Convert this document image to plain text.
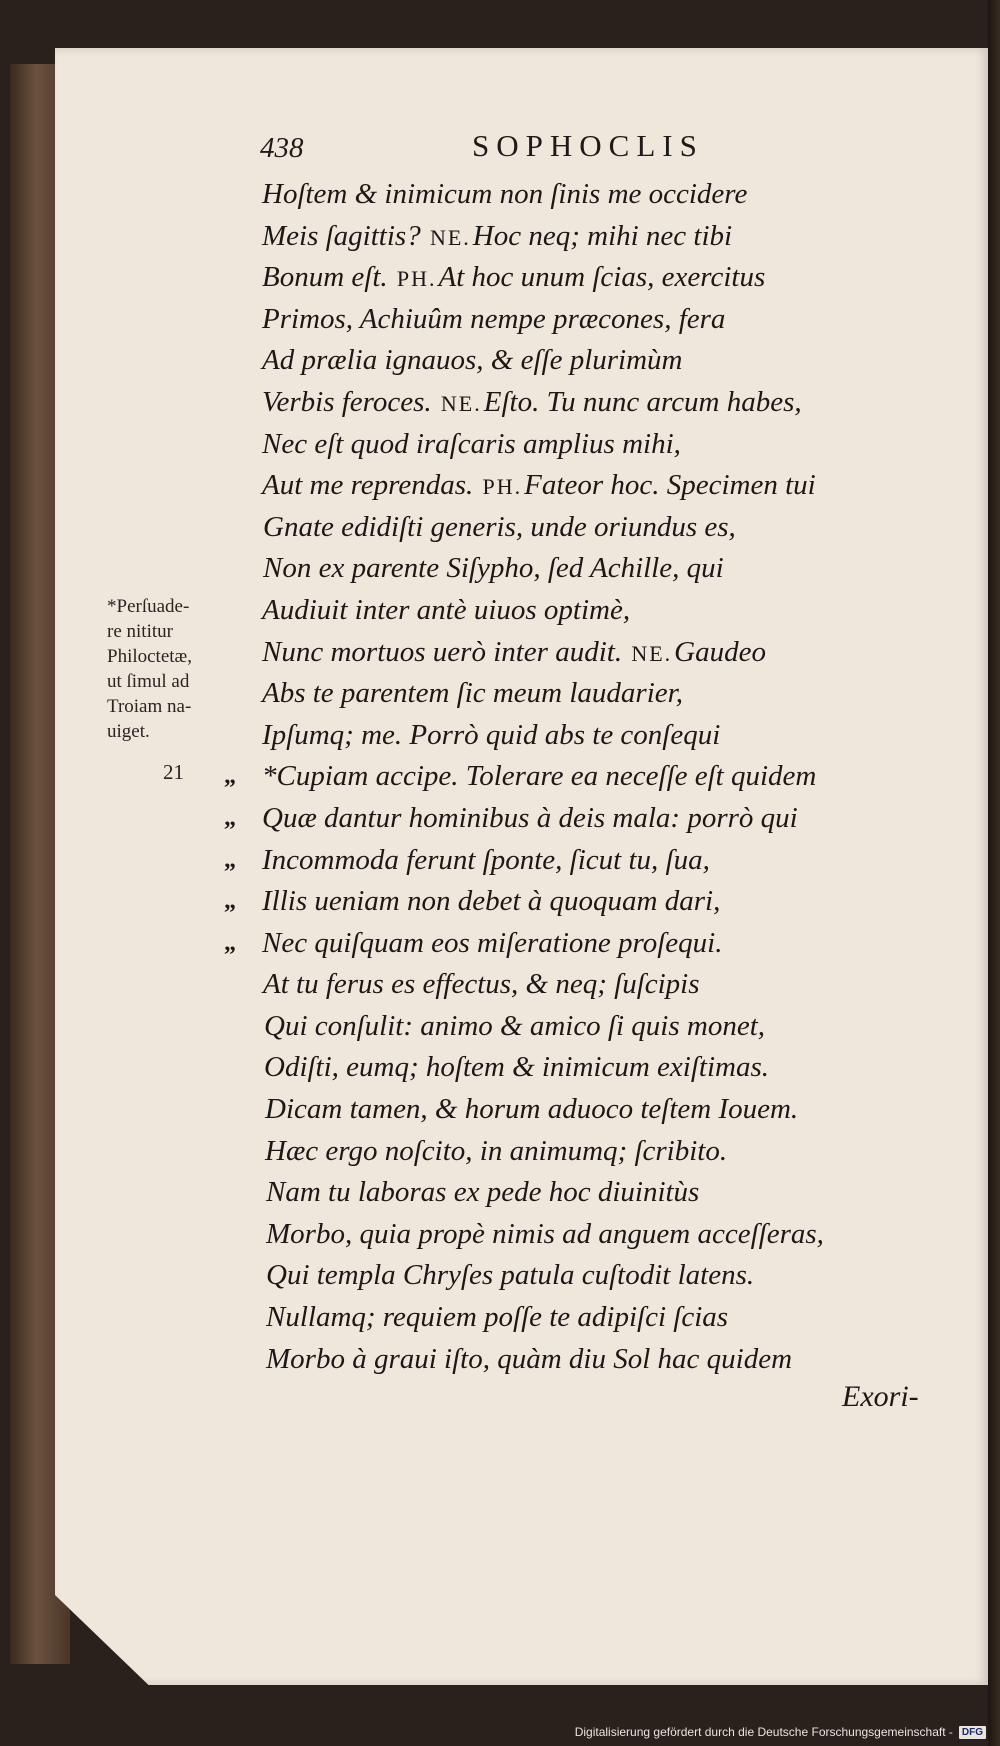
438	SOPHOCLIS
*Perſuade-
re nititur
Philoctetæ,
ut ſimul ad
Troiam na-
uiget.
21
Hoſtem & inimicum non ſinis me occidere
Meis ſagittis? NE.Hoc neq; mihi nec tibi
Bonum eſt. PH.At hoc unum ſcias, exercitus
Primos, Achiuûm nempe præcones, fera
Ad prælia ignauos, & eſſe plurimùm
Verbis feroces. NE.Eſto. Tu nunc arcum habes,
Nec eſt quod iraſcaris amplius mihi,
Aut me reprendas. PH.Fateor hoc. Specimen tui
Gnate edidiſti generis, unde oriundus es,
Non ex parente Siſypho, ſed Achille, qui
Audiuit inter antè uiuos optimè,
Nunc mortuos uerò inter audit. NE.Gaudeo
Abs te parentem ſic meum laudarier,
Ipſumq; me. Porrò quid abs te conſequi
„ *Cupiam accipe. Tolerare ea neceſſe eſt quidem
„ Quæ dantur hominibus à deis mala: porrò qui
„ Incommoda ferunt ſponte, ſicut tu, ſua,
„ Illis ueniam non debet à quoquam dari,
„ Nec quiſquam eos miſeratione proſequi.
At tu ferus es effectus, & neq; ſuſcipis
Qui conſulit: animo & amico ſi quis monet,
Odiſti, eumq; hoſtem & inimicum exiſtimas.
Dicam tamen, & horum aduoco teſtem Iouem.
Hæc ergo noſcito, in animumq; ſcribito.
Nam tu laboras ex pede hoc diuinitùs
Morbo, quia propè nimis ad anguem acceſſeras,
Qui templa Chryſes patula cuſtodit latens.
Nullamq; requiem poſſe te adipiſci ſcias
Morbo à graui iſto, quàm diu Sol hac quidem
Exori-
Digitalisierung gefördert durch die Deutsche Forschungsgemeinschaft - DFG
